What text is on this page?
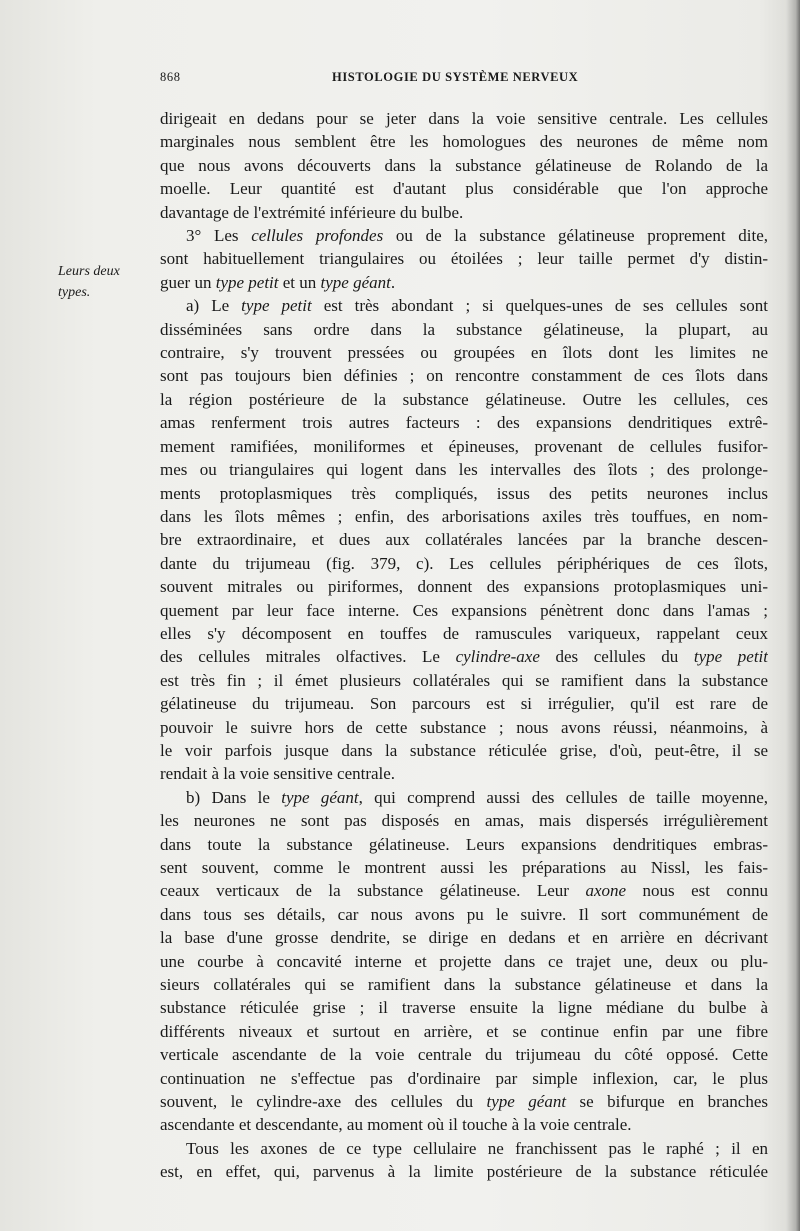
868	HISTOLOGIE DU SYSTÈME NERVEUX
Leurs deux
types.
dirigeait en dedans pour se jeter dans la voie sensitive centrale. Les cellules
marginales nous semblent être les homologues des neurones de même nom
que nous avons découverts dans la substance gélatineuse de Rolando de la
moelle. Leur quantité est d'autant plus considérable que l'on approche
davantage de l'extrémité inférieure du bulbe.
3° Les cellules profondes ou de la substance gélatineuse proprement dite,
sont habituellement triangulaires ou étoilées ; leur taille permet d'y distin-
guer un type petit et un type géant.
a) Le type petit est très abondant ; si quelques-unes de ses cellules sont
disséminées sans ordre dans la substance gélatineuse, la plupart, au
contraire, s'y trouvent pressées ou groupées en îlots dont les limites ne
sont pas toujours bien définies ; on rencontre constamment de ces îlots dans
la région postérieure de la substance gélatineuse. Outre les cellules, ces
amas renferment trois autres facteurs : des expansions dendritiques extrê-
mement ramifiées, moniliformes et épineuses, provenant de cellules fusifor-
mes ou triangulaires qui logent dans les intervalles des îlots ; des prolonge-
ments protoplasmiques très compliqués, issus des petits neurones inclus
dans les îlots mêmes ; enfin, des arborisations axiles très touffues, en nom-
bre extraordinaire, et dues aux collatérales lancées par la branche descen-
dante du trijumeau (fig. 379, c). Les cellules périphériques de ces îlots,
souvent mitrales ou piriformes, donnent des expansions protoplasmiques uni-
quement par leur face interne. Ces expansions pénètrent donc dans l'amas ;
elles s'y décomposent en touffes de ramuscules variqueux, rappelant ceux
des cellules mitrales olfactives. Le cylindre-axe des cellules du type petit
est très fin ; il émet plusieurs collatérales qui se ramifient dans la substance
gélatineuse du trijumeau. Son parcours est si irrégulier, qu'il est rare de
pouvoir le suivre hors de cette substance ; nous avons réussi, néanmoins, à
le voir parfois jusque dans la substance réticulée grise, d'où, peut-être, il se
rendait à la voie sensitive centrale.
b) Dans le type géant, qui comprend aussi des cellules de taille moyenne,
les neurones ne sont pas disposés en amas, mais dispersés irrégulièrement
dans toute la substance gélatineuse. Leurs expansions dendritiques embras-
sent souvent, comme le montrent aussi les préparations au Nissl, les fais-
ceaux verticaux de la substance gélatineuse. Leur axone nous est connu
dans tous ses détails, car nous avons pu le suivre. Il sort communément de
la base d'une grosse dendrite, se dirige en dedans et en arrière en décrivant
une courbe à concavité interne et projette dans ce trajet une, deux ou plu-
sieurs collatérales qui se ramifient dans la substance gélatineuse et dans la
substance réticulée grise ; il traverse ensuite la ligne médiane du bulbe à
différents niveaux et surtout en arrière, et se continue enfin par une fibre
verticale ascendante de la voie centrale du trijumeau du côté opposé. Cette
continuation ne s'effectue pas d'ordinaire par simple inflexion, car, le plus
souvent, le cylindre-axe des cellules du type géant se bifurque en branches
ascendante et descendante, au moment où il touche à la voie centrale.
Tous les axones de ce type cellulaire ne franchissent pas le raphé ; il en
est, en effet, qui, parvenus à la limite postérieure de la substance réticulée
